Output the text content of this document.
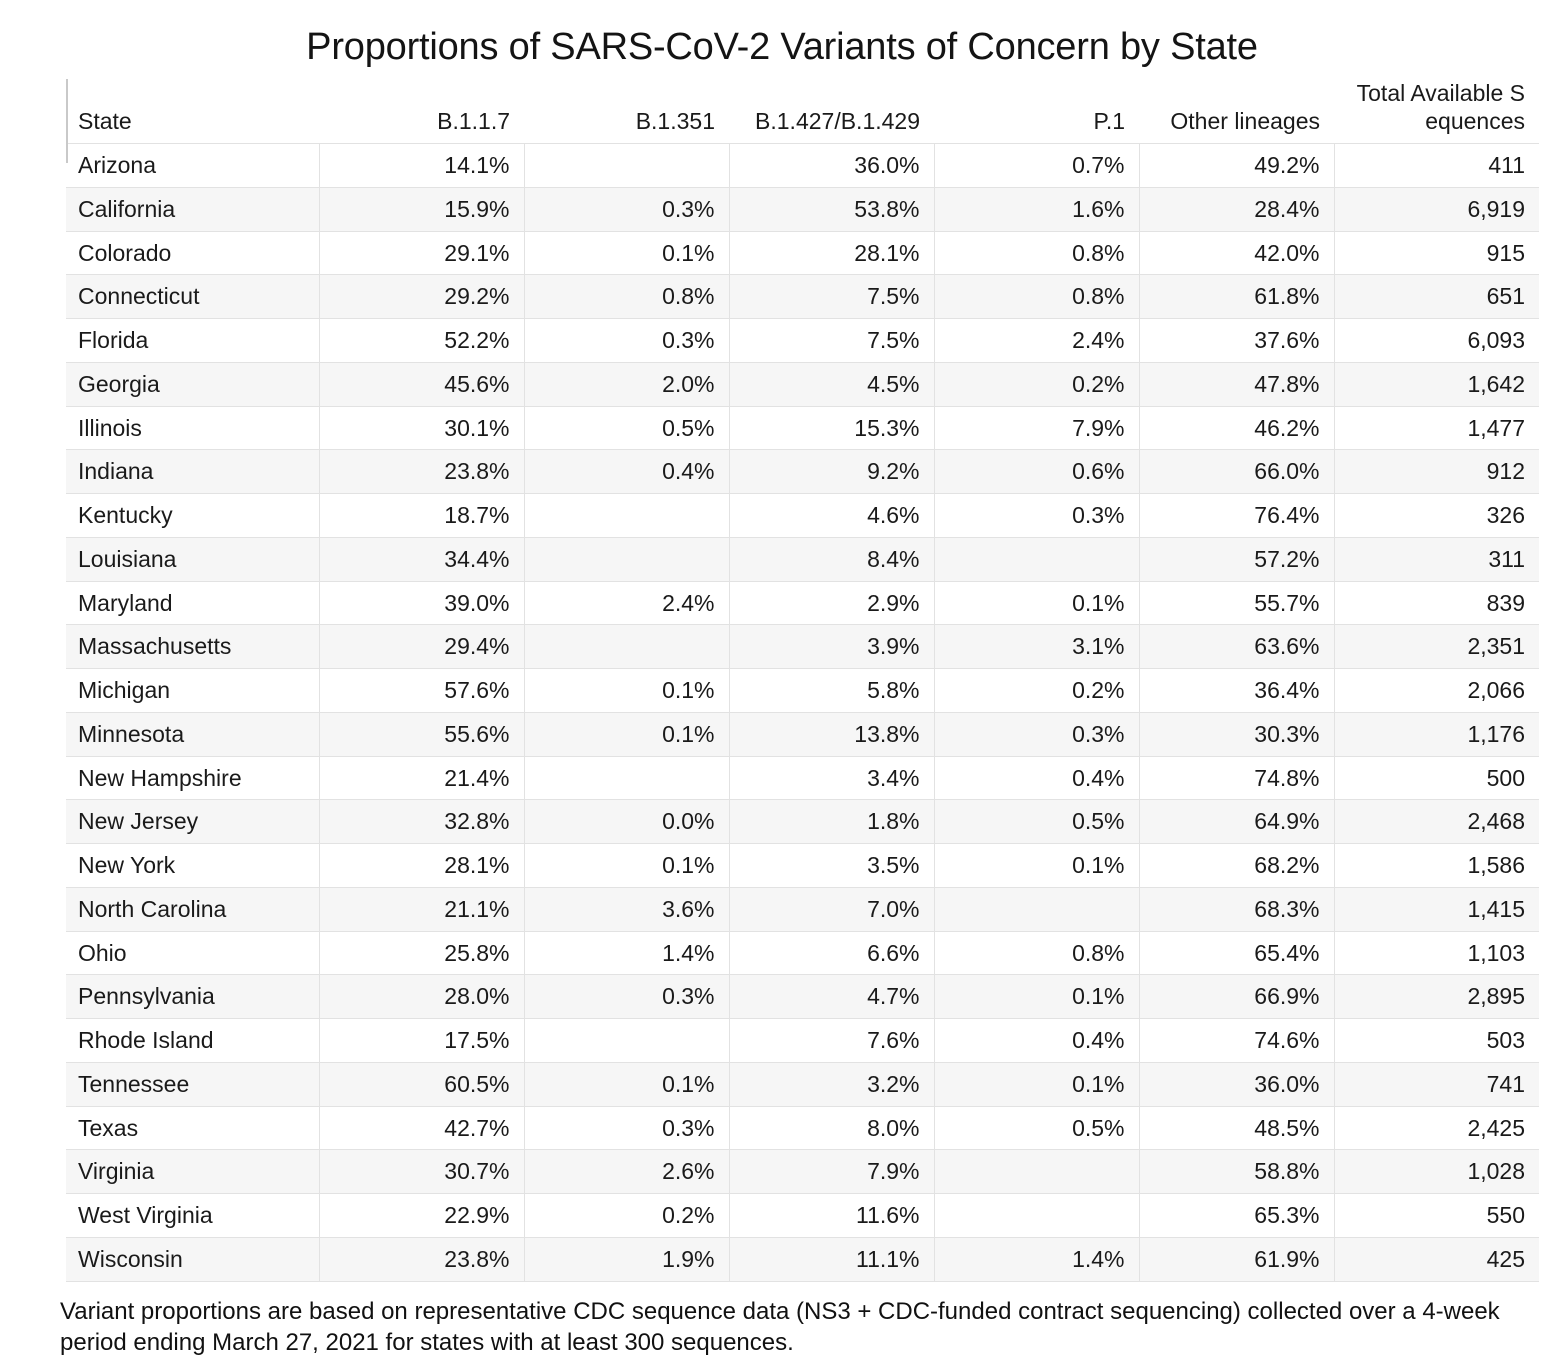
Proportions of SARS-CoV-2 Variants of Concern by State
State	B.1.1.7	B.1.351	B.1.427/B.1.429	P.1	Other lineages	Total Available S
equences
Arizona	14.1%		36.0%	0.7%	49.2%	411
California	15.9%	0.3%	53.8%	1.6%	28.4%	6,919
Colorado	29.1%	0.1%	28.1%	0.8%	42.0%	915
Connecticut	29.2%	0.8%	7.5%	0.8%	61.8%	651
Florida	52.2%	0.3%	7.5%	2.4%	37.6%	6,093
Georgia	45.6%	2.0%	4.5%	0.2%	47.8%	1,642
Illinois	30.1%	0.5%	15.3%	7.9%	46.2%	1,477
Indiana	23.8%	0.4%	9.2%	0.6%	66.0%	912
Kentucky	18.7%		4.6%	0.3%	76.4%	326
Louisiana	34.4%		8.4%		57.2%	311
Maryland	39.0%	2.4%	2.9%	0.1%	55.7%	839
Massachusetts	29.4%		3.9%	3.1%	63.6%	2,351
Michigan	57.6%	0.1%	5.8%	0.2%	36.4%	2,066
Minnesota	55.6%	0.1%	13.8%	0.3%	30.3%	1,176
New Hampshire	21.4%		3.4%	0.4%	74.8%	500
New Jersey	32.8%	0.0%	1.8%	0.5%	64.9%	2,468
New York	28.1%	0.1%	3.5%	0.1%	68.2%	1,586
North Carolina	21.1%	3.6%	7.0%		68.3%	1,415
Ohio	25.8%	1.4%	6.6%	0.8%	65.4%	1,103
Pennsylvania	28.0%	0.3%	4.7%	0.1%	66.9%	2,895
Rhode Island	17.5%		7.6%	0.4%	74.6%	503
Tennessee	60.5%	0.1%	3.2%	0.1%	36.0%	741
Texas	42.7%	0.3%	8.0%	0.5%	48.5%	2,425
Virginia	30.7%	2.6%	7.9%		58.8%	1,028
West Virginia	22.9%	0.2%	11.6%		65.3%	550
Wisconsin	23.8%	1.9%	11.1%	1.4%	61.9%	425
Variant proportions are based on representative CDC sequence data (NS3 + CDC-funded contract sequencing) collected over a 4-week period ending March 27, 2021 for states with at least 300 sequences.
